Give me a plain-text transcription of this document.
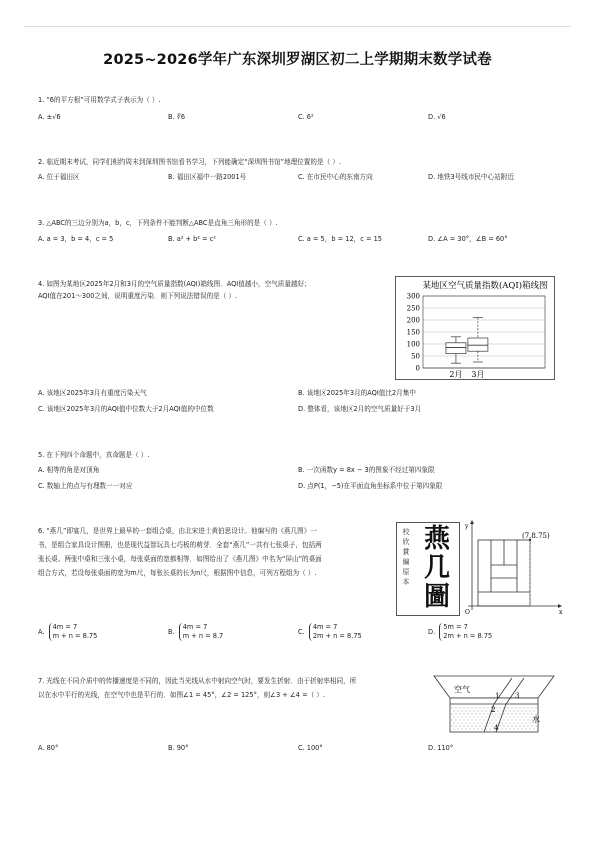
2025~2026学年广东深圳罗湖区初二上学期期末数学试卷
1. “6的平方根”可用数学式子表示为（ ）.
A. ±√6	B. ∛6	C. 6²	D. √6
2. 临近期末考试，同学们相约周末到深圳图书馆看书学习，下列能确定“深圳图书馆”地理位置的是（ ）.
A. 位于福田区	B. 福田区福中一路2001号	C. 在市民中心的东南方向	D. 地铁3号线市民中心站附近
3. △ABC的三边分别为a，b，c，下列条件不能判断△ABC是直角三角形的是（ ）.
A. a = 3，b = 4，c = 5	B. a² + b² = c²	C. a = 5，b = 12，c = 15	D. ∠A = 30°，∠B = 60°
4. 如图为某地区2025年2月和3月的空气质量指数(AQI)箱线图．AQI值越小，空气质量越好；
AQI值在201～300之间，说明重度污染．则下列说法错误的是（ ）.
A. 该地区2025年3月有重度污染天气	B. 该地区2025年3月的AQI值比2月集中
C. 该地区2025年3月的AQI值中位数大于2月AQI值的中位数	D. 整体看，该地区2月的空气质量好于3月
某地区空气质量指数(AQI)箱线图
300
250
200
150
100
50
0
2月 3月
5. 在下列四个命题中，真命题是（ ）.
A. 相等的角是对顶角	B. 一次函数y = 8x − 3的图象不经过第四象限
C. 数轴上的点与有理数一一对应	D. 点P(1，−5)在平面直角坐标系中位于第四象限
6. “燕几”即宴几，是世界上最早的一套组合桌，由北宋进士黄伯思设计。他编写的《燕几图》一
书，是组合家具设计图册，也是现代益智玩具七巧板的萌芽．全套“燕几”一共有七张桌子，包括两
张长桌、两张中桌和三张小桌，每张桌面的宽都相等．如图给出了《燕几图》中名为“屏山”的桌面
组合方式，若设每张桌面的宽为m尺，每张长桌的长为n尺，根据图中信息，可列方程组为（ ）.
校
欣
賞
編
原
本
燕
几
圖
x
y
O
(7,8.75)
A. 4m = 7
m + n = 8.75	B. 4m = 7
m + n = 8.7	C. 4m = 7
2m + n = 8.75	D. 5m = 7
2m + n = 8.75
7. 光线在不同介质中的传播速度是不同的，因此当光线从水中射向空气时，要发生折射．由于折射率相同，所
以在水中平行的光线，在空气中也是平行的．如图∠1 = 45°，∠2 = 125°，则∠3 + ∠4 =（ ）.
空气
水
1
2
3
4
A. 80°	B. 90°	C. 100°	D. 110°
